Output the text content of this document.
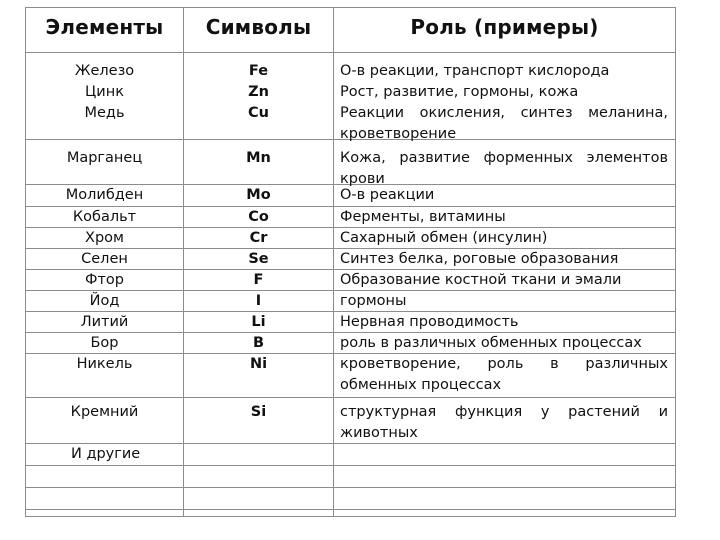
Элементы	Символы	Роль (примеры)
Железо	Fe	О-в реакции, транспорт кислорода
Цинк	Zn	Рост, развитие, гормоны, кожа
Медь	Cu	Реакции окисления, синтез меланина, кроветворение
Марганец	Mn	Кожа, развитие форменных элементов крови
Молибден	Mo	О-в реакции
Кобальт	Co	Ферменты, витамины
Хром	Cr	Сахарный обмен (инсулин)
Селен	Se	Синтез белка, роговые образования
Фтор	F	Образование костной ткани и эмали
Йод	I	гормоны
Литий	Li	Нервная проводимость
Бор	B	роль в различных обменных процессах
Никель	Ni	кроветворение, роль в различных обменных процессах
Кремний	Si	структурная функция у растений и животных
И другие
